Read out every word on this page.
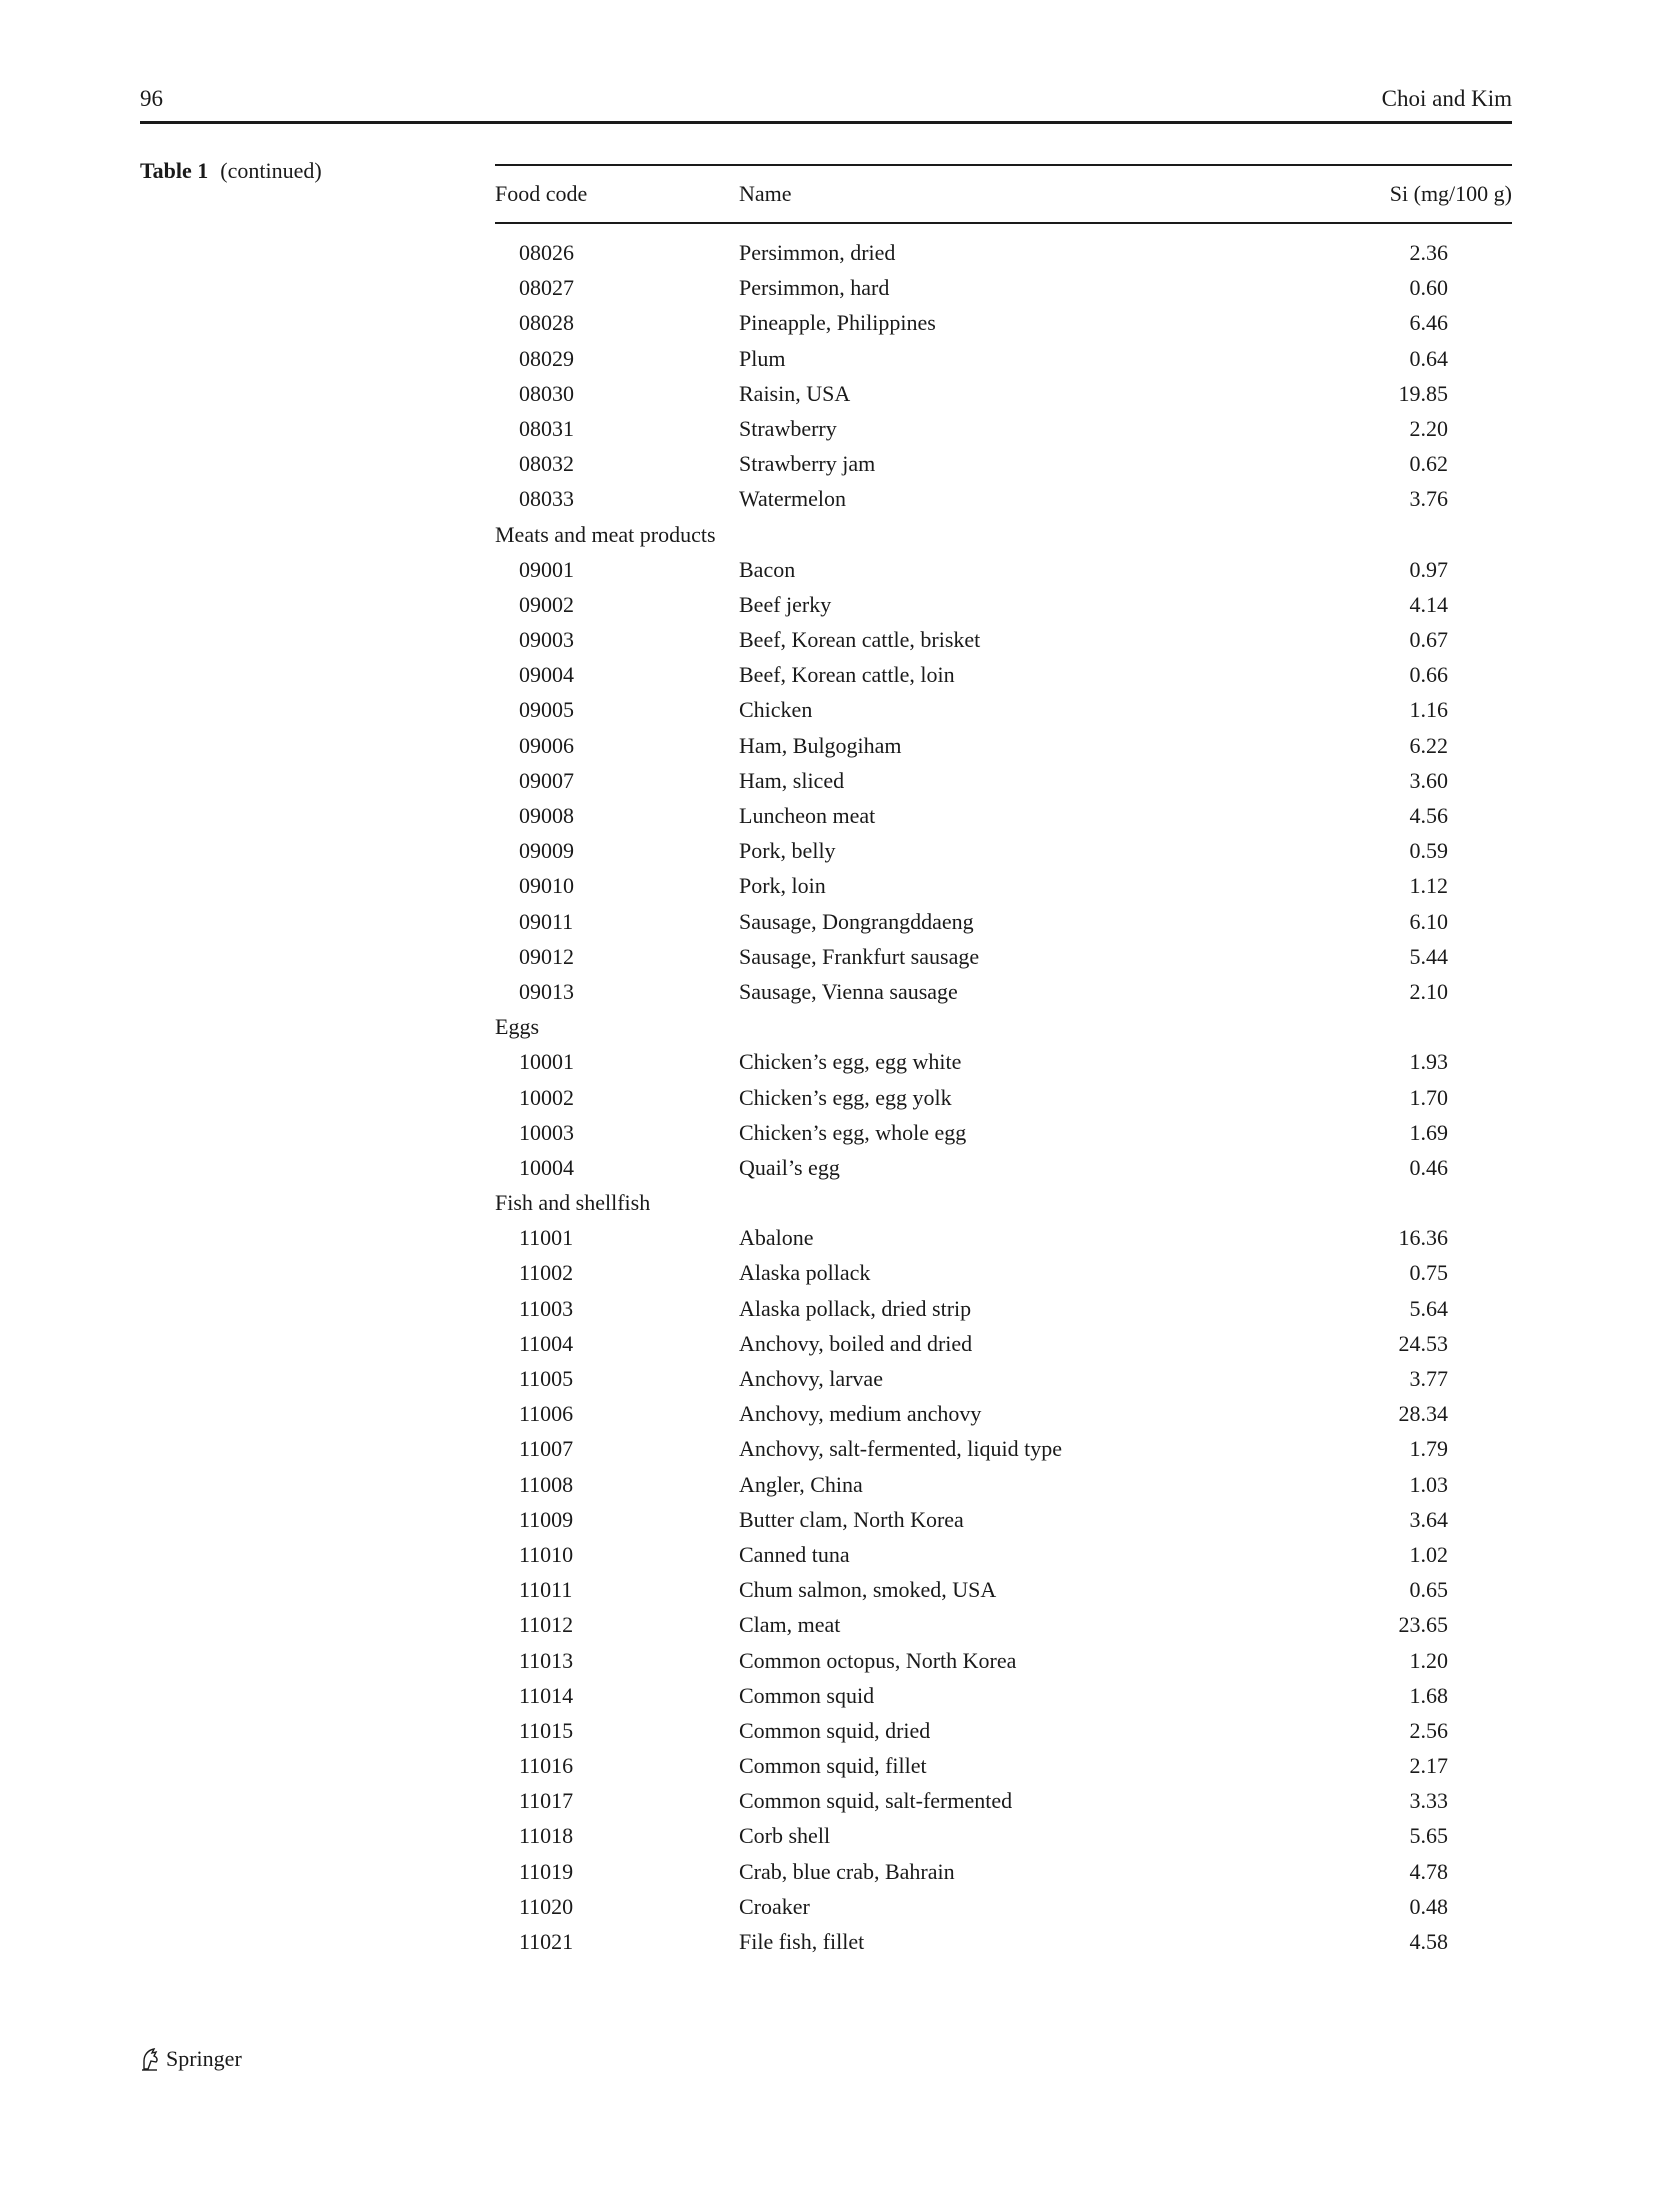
96	Choi and Kim
Table 1 (continued)
Food code	Name	Si (mg/100 g)
08026	Persimmon, dried	2.36
08027	Persimmon, hard	0.60
08028	Pineapple, Philippines	6.46
08029	Plum	0.64
08030	Raisin, USA	19.85
08031	Strawberry	2.20
08032	Strawberry jam	0.62
08033	Watermelon	3.76
Meats and meat products
09001	Bacon	0.97
09002	Beef jerky	4.14
09003	Beef, Korean cattle, brisket	0.67
09004	Beef, Korean cattle, loin	0.66
09005	Chicken	1.16
09006	Ham, Bulgogiham	6.22
09007	Ham, sliced	3.60
09008	Luncheon meat	4.56
09009	Pork, belly	0.59
09010	Pork, loin	1.12
09011	Sausage, Dongrangddaeng	6.10
09012	Sausage, Frankfurt sausage	5.44
09013	Sausage, Vienna sausage	2.10
Eggs
10001	Chicken’s egg, egg white	1.93
10002	Chicken’s egg, egg yolk	1.70
10003	Chicken’s egg, whole egg	1.69
10004	Quail’s egg	0.46
Fish and shellfish
11001	Abalone	16.36
11002	Alaska pollack	0.75
11003	Alaska pollack, dried strip	5.64
11004	Anchovy, boiled and dried	24.53
11005	Anchovy, larvae	3.77
11006	Anchovy, medium anchovy	28.34
11007	Anchovy, salt-fermented, liquid type	1.79
11008	Angler, China	1.03
11009	Butter clam, North Korea	3.64
11010	Canned tuna	1.02
11011	Chum salmon, smoked, USA	0.65
11012	Clam, meat	23.65
11013	Common octopus, North Korea	1.20
11014	Common squid	1.68
11015	Common squid, dried	2.56
11016	Common squid, fillet	2.17
11017	Common squid, salt-fermented	3.33
11018	Corb shell	5.65
11019	Crab, blue crab, Bahrain	4.78
11020	Croaker	0.48
11021	File fish, fillet	4.58
Springer
